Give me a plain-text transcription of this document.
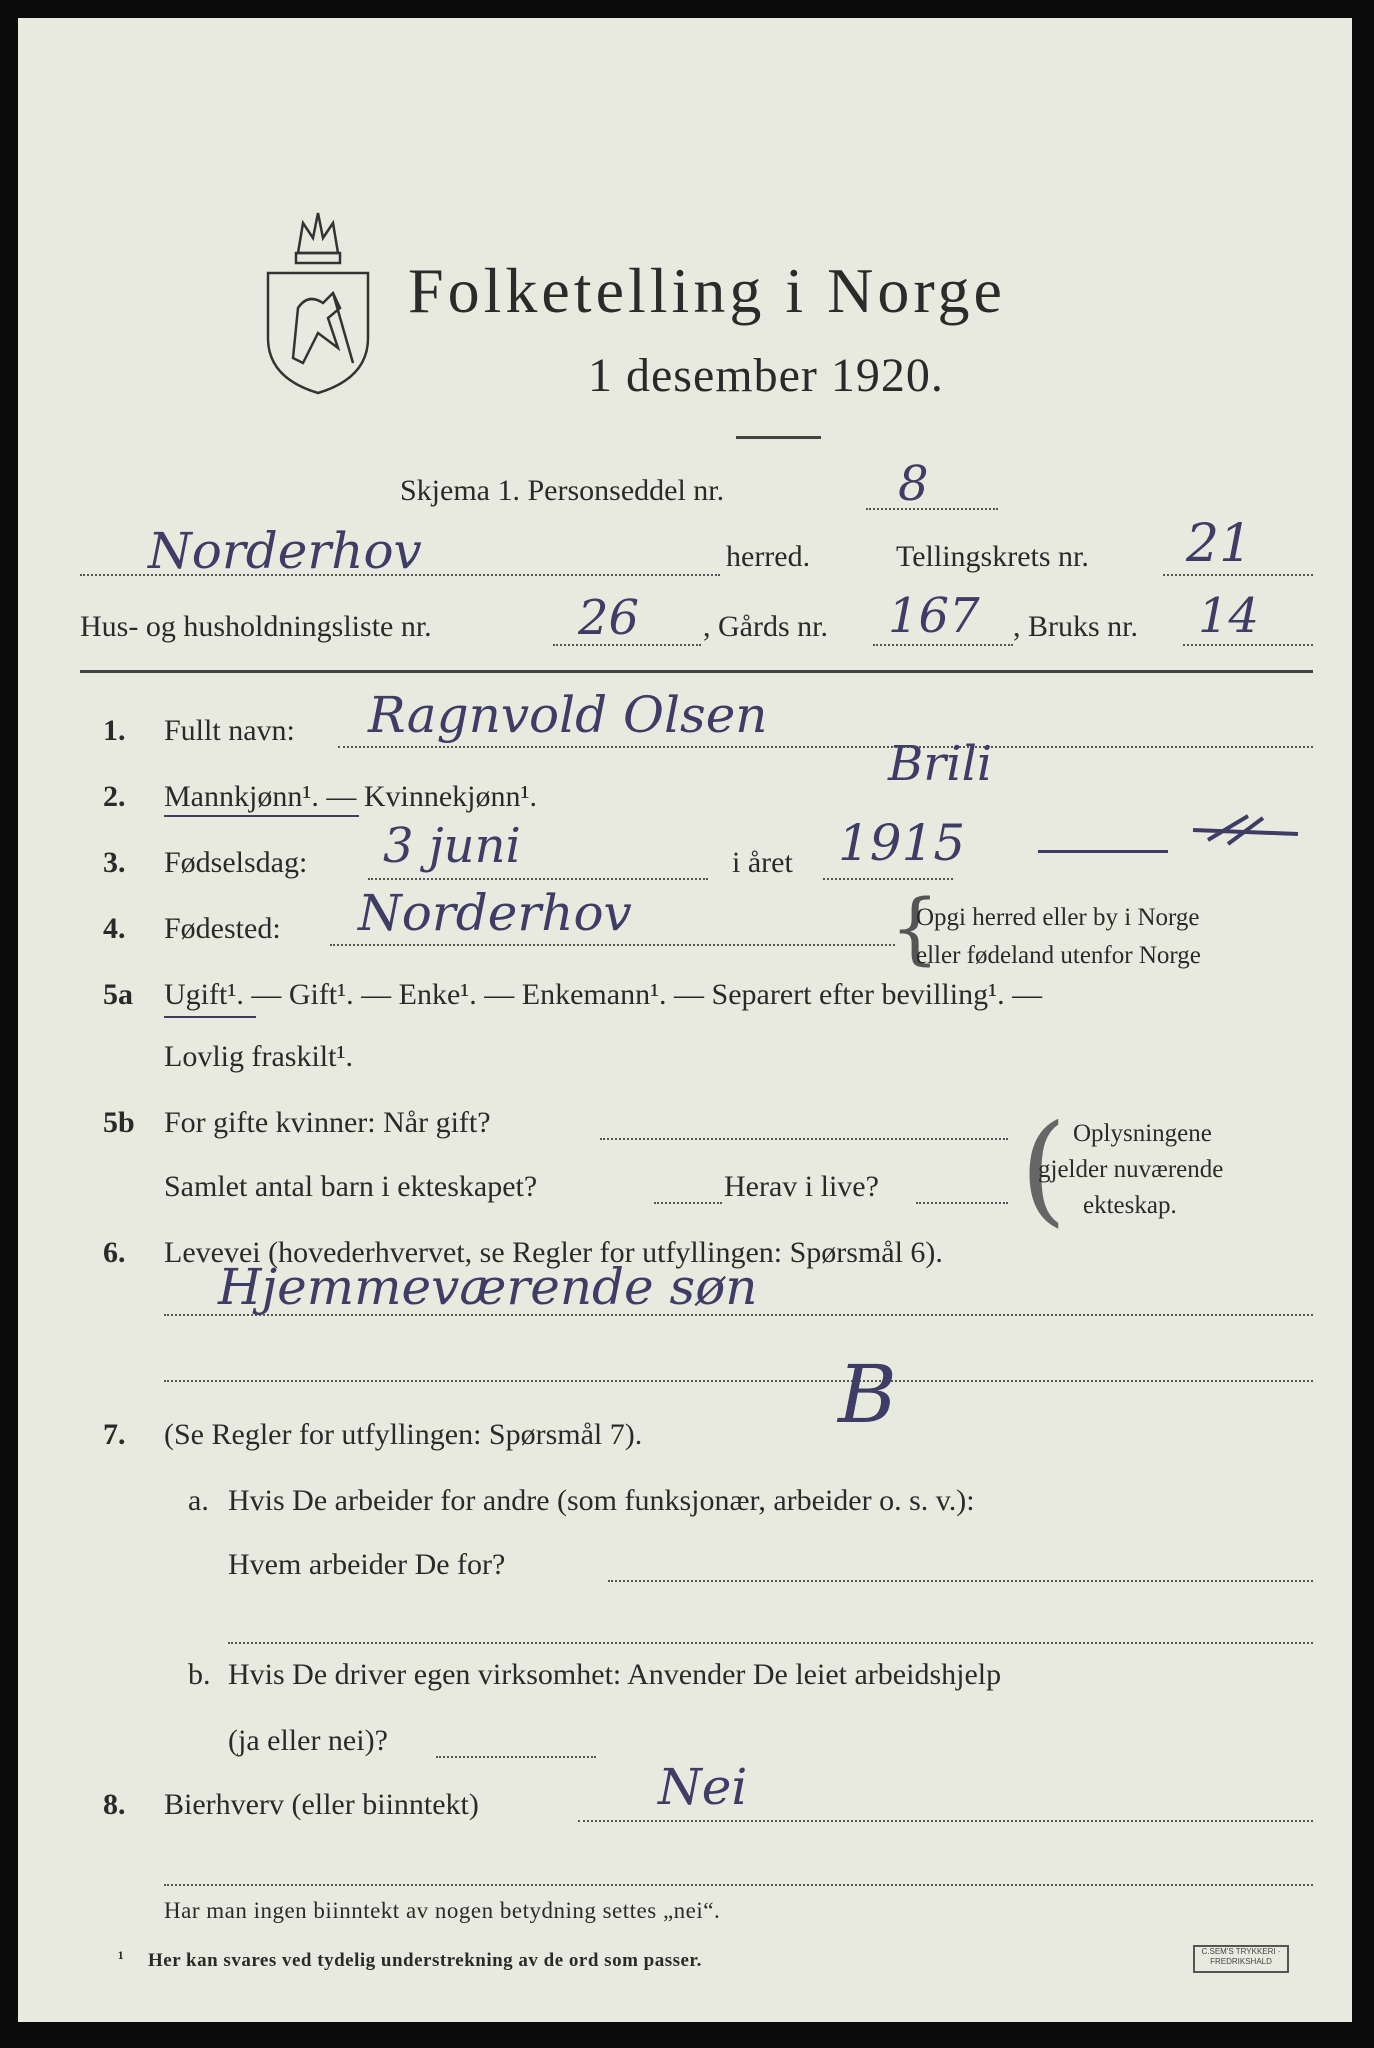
Folketelling i Norge
1 desember 1920.
Skjema 1. Personseddel nr.	8
Norderhov	herred.	Tellingskrets nr. 21
Hus- og husholdningsliste nr.	26 , Gårds nr. 167 , Bruks nr. 14
1. Fullt navn: Ragnvold Olsen
Brili
2. Mannkjønn¹. — Kvinnekjønn¹.
3. Fødselsdag: 3 juni	i året 1915
4. Fødested: Norderhov	{
Opgi herred eller by i Norge
eller fødeland utenfor Norge
5a Ugift¹. — Gift¹. — Enke¹. — Enkemann¹. — Separert efter bevilling¹. —
Lovlig fraskilt¹.
5b For gifte kvinner: Når gift?
Samlet antal barn i ekteskapet?	Herav i live? ( Oplysningene
gjelder nuværende
ekteskap.
6. Levevei (hovederhvervet, se Regler for utfyllingen: Spørsmål 6).
Hjemmeværende søn
B
7. (Se Regler for utfyllingen: Spørsmål 7).
a. Hvis De arbeider for andre (som funksjonær, arbeider o. s. v.):
Hvem arbeider De for?
b. Hvis De driver egen virksomhet: Anvender De leiet arbeidshjelp
(ja eller nei)?
8. Bierhverv (eller biinntekt)	Nei
Har man ingen biinntekt av nogen betydning settes „nei“.
¹ Her kan svares ved tydelig understrekning av de ord som passer.	C.SEM'S TRYKKERI · FREDRIKSHALD
